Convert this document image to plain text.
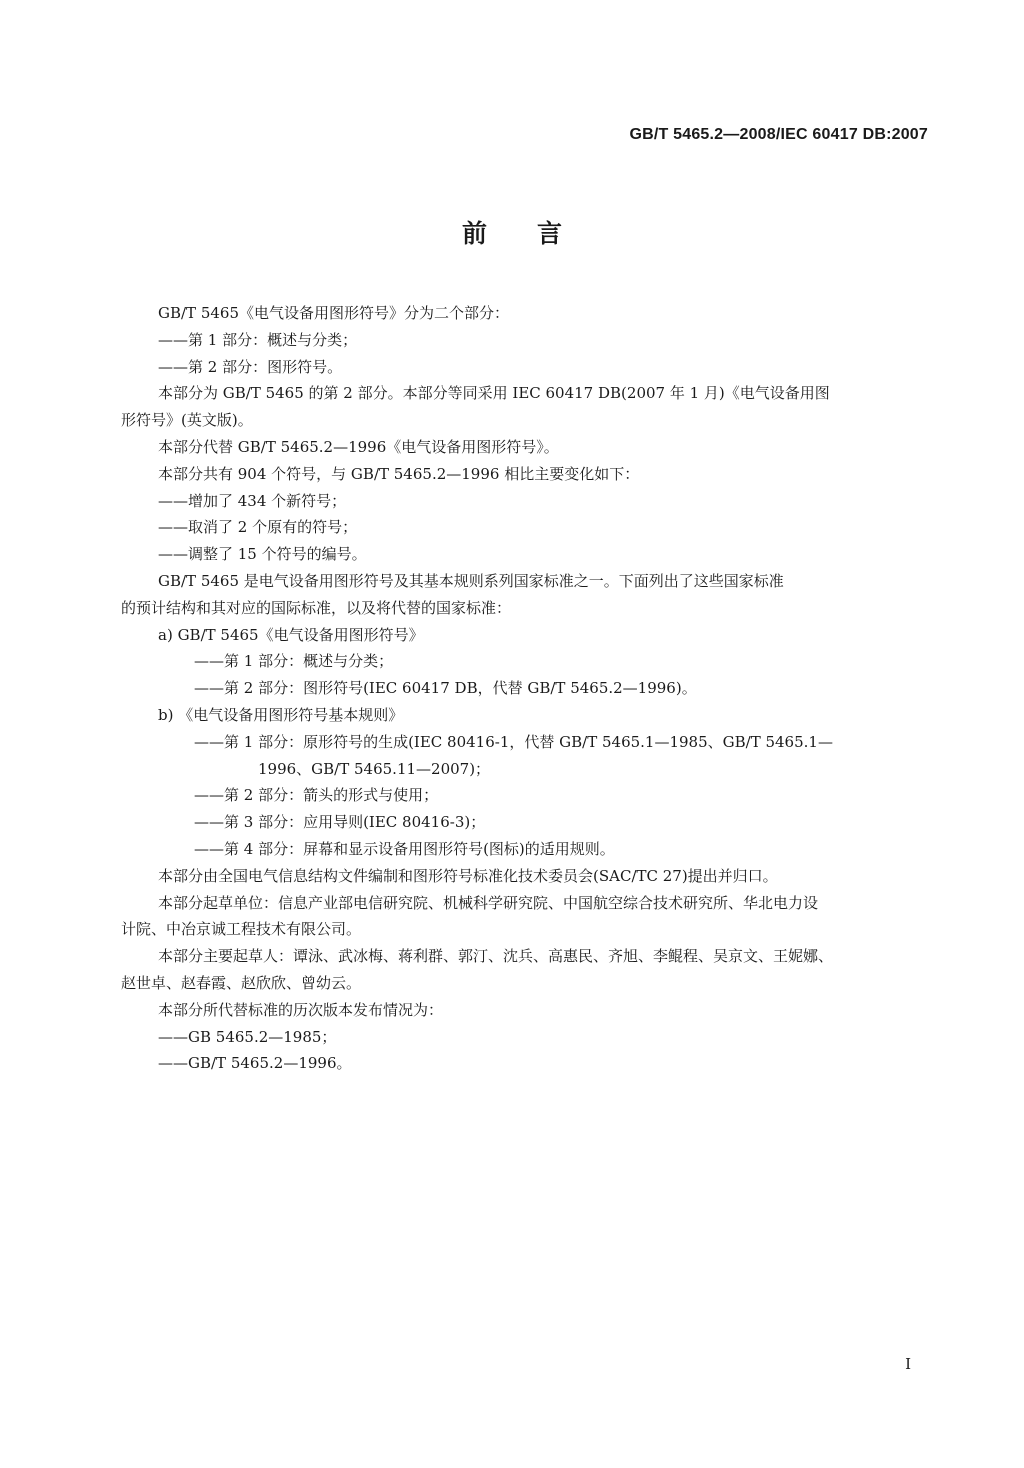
GB/T 5465.2—2008/IEC 60417 DB:2007
前言
GB/T 5465《电气设备用图形符号》分为二个部分：
——第 1 部分：概述与分类；
——第 2 部分：图形符号。
本部分为 GB/T 5465 的第 2 部分。本部分等同采用 IEC 60417 DB(2007 年 1 月)《电气设备用图
形符号》(英文版)。
本部分代替 GB/T 5465.2—1996《电气设备用图形符号》。
本部分共有 904 个符号，与 GB/T 5465.2—1996 相比主要变化如下：
——增加了 434 个新符号；
——取消了 2 个原有的符号；
——调整了 15 个符号的编号。
GB/T 5465 是电气设备用图形符号及其基本规则系列国家标准之一。下面列出了这些国家标准
的预计结构和其对应的国际标准，以及将代替的国家标准：
a) GB/T 5465《电气设备用图形符号》
——第 1 部分：概述与分类；
——第 2 部分：图形符号(IEC 60417 DB，代替 GB/T 5465.2—1996)。
b) 《电气设备用图形符号基本规则》
——第 1 部分：原形符号的生成(IEC 80416-1，代替 GB/T 5465.1—1985、GB/T 5465.1—
1996、GB/T 5465.11—2007)；
——第 2 部分：箭头的形式与使用；
——第 3 部分：应用导则(IEC 80416-3)；
——第 4 部分：屏幕和显示设备用图形符号(图标)的适用规则。
本部分由全国电气信息结构文件编制和图形符号标准化技术委员会(SAC/TC 27)提出并归口。
本部分起草单位：信息产业部电信研究院、机械科学研究院、中国航空综合技术研究所、华北电力设
计院、中冶京诚工程技术有限公司。
本部分主要起草人：谭泳、武冰梅、蒋利群、郭汀、沈兵、高惠民、齐旭、李鲲程、吴京文、王妮娜、
赵世卓、赵春霞、赵欣欣、曾幼云。
本部分所代替标准的历次版本发布情况为：
——GB 5465.2—1985；
——GB/T 5465.2—1996。
I
